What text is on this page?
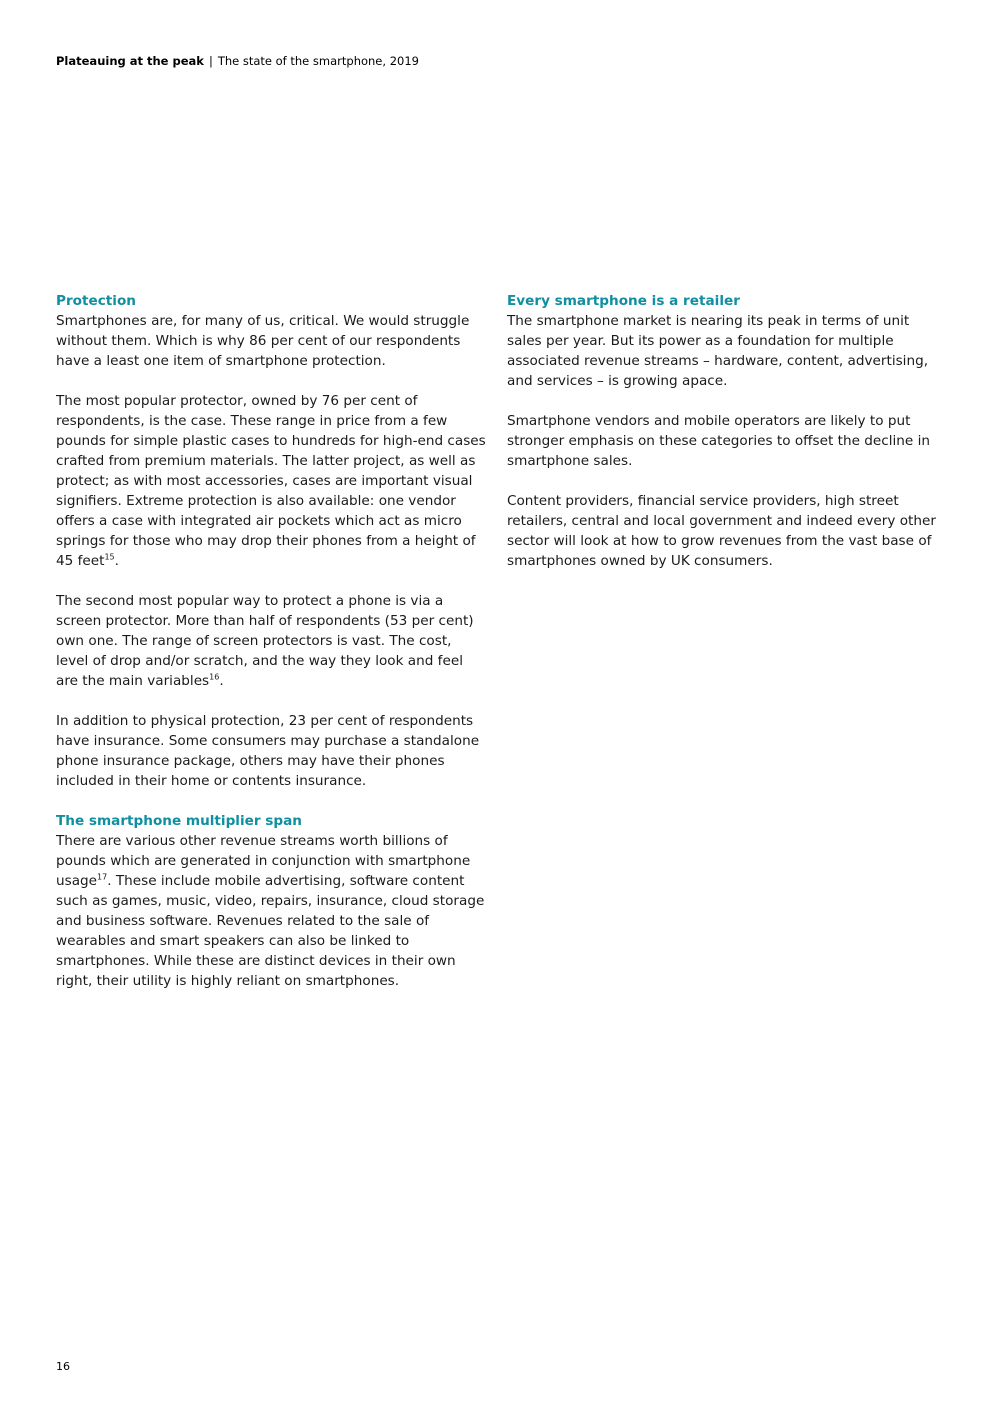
Plateauing at the peak | The state of the smartphone, 2019
Protection

Smartphones are, for many of us, critical. We would struggle without them. Which is why 86 per cent of our respondents have a least one item of smartphone protection.

The most popular protector, owned by 76 per cent of respondents, is the case. These range in price from a few pounds for simple plastic cases to hundreds for high-end cases crafted from premium materials. The latter project, as well as protect; as with most accessories, cases are important visual signifiers. Extreme protection is also available: one vendor offers a case with integrated air pockets which act as micro springs for those who may drop their phones from a height of 45 feet$^{15}$.

The second most popular way to protect a phone is via a screen protector. More than half of respondents (53 per cent) own one. The range of screen protectors is vast. The cost, level of drop and/or scratch, and the way they look and feel are the main variables$^{16}$.

In addition to physical protection, 23 per cent of respondents have insurance. Some consumers may purchase a standalone phone insurance package, others may have their phones included in their home or contents insurance.

The smartphone multiplier span

There are various other revenue streams worth billions of pounds which are generated in conjunction with smartphone usage$^{17}$. These include mobile advertising, software content such as games, music, video, repairs, insurance, cloud storage and business software. Revenues related to the sale of wearables and smart speakers can also be linked to smartphones. While these are distinct devices in their own right, their utility is highly reliant on smartphones.

Every smartphone is a retailer

The smartphone market is nearing its peak in terms of unit sales per year. But its power as a foundation for multiple associated revenue streams – hardware, content, advertising, and services – is growing apace.

Smartphone vendors and mobile operators are likely to put stronger emphasis on these categories to offset the decline in smartphone sales.

Content providers, financial service providers, high street retailers, central and local government and indeed every other sector will look at how to grow revenues from the vast base of smartphones owned by UK consumers.

16
